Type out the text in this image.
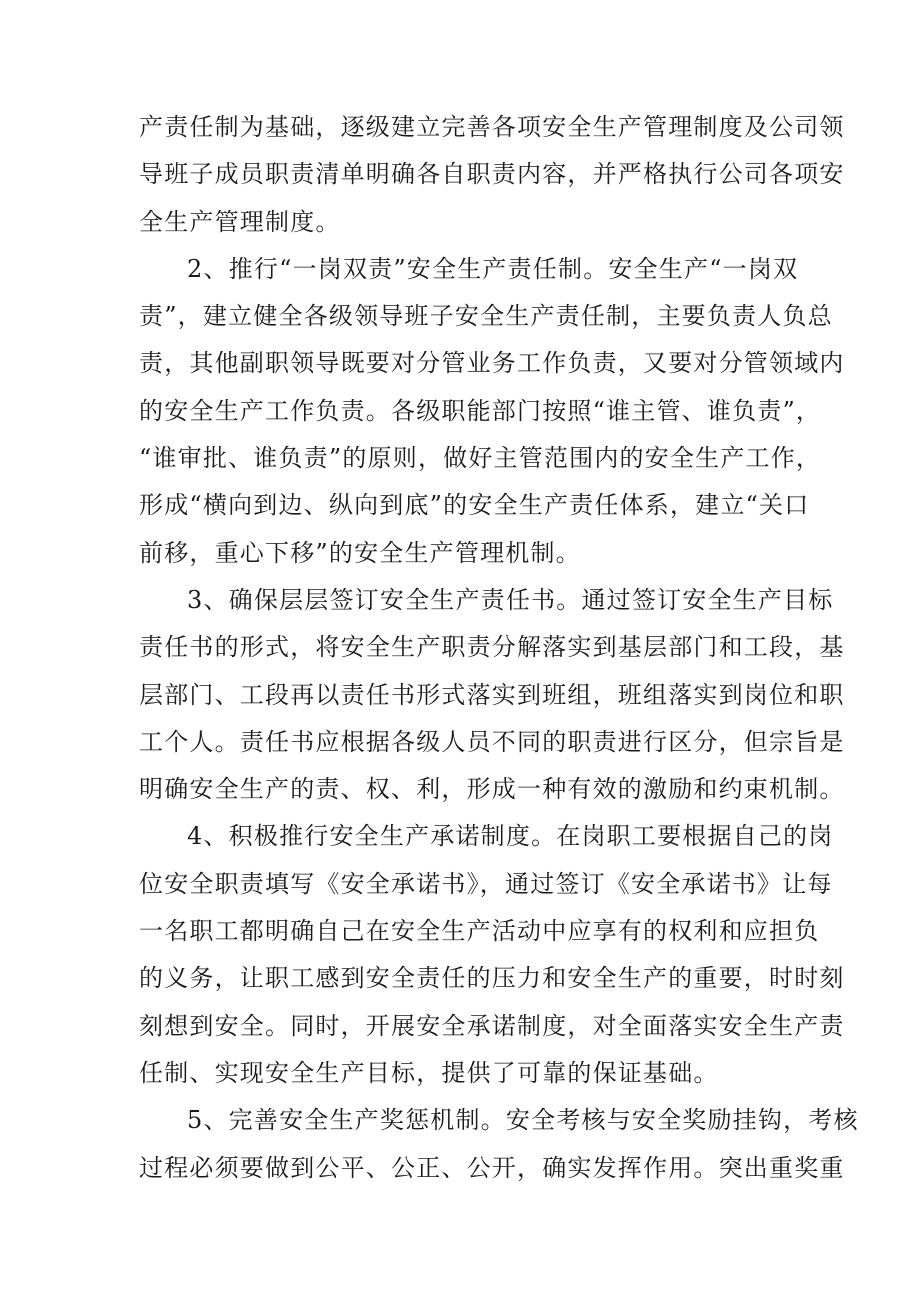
产责任制为基础，逐级建立完善各项安全生产管理制度及公司领
导班子成员职责清单明确各自职责内容，并严格执行公司各项安
全生产管理制度。
2、推行“一岗双责”安全生产责任制。安全生产“一岗双
责”，建立健全各级领导班子安全生产责任制，主要负责人负总
责，其他副职领导既要对分管业务工作负责，又要对分管领域内
的安全生产工作负责。各级职能部门按照“谁主管、谁负责”，
“谁审批、谁负责”的原则，做好主管范围内的安全生产工作，
形成“横向到边、纵向到底”的安全生产责任体系，建立“关口
前移，重心下移”的安全生产管理机制。
3、确保层层签订安全生产责任书。通过签订安全生产目标
责任书的形式，将安全生产职责分解落实到基层部门和工段，基
层部门、工段再以责任书形式落实到班组，班组落实到岗位和职
工个人。责任书应根据各级人员不同的职责进行区分，但宗旨是
明确安全生产的责、权、利，形成一种有效的激励和约束机制。
4、积极推行安全生产承诺制度。在岗职工要根据自己的岗
位安全职责填写《安全承诺书》，通过签订《安全承诺书》让每
一名职工都明确自己在安全生产活动中应享有的权利和应担负
的义务，让职工感到安全责任的压力和安全生产的重要，时时刻
刻想到安全。同时，开展安全承诺制度，对全面落实安全生产责
任制、实现安全生产目标，提供了可靠的保证基础。
5、完善安全生产奖惩机制。安全考核与安全奖励挂钩，考核
过程必须要做到公平、公正、公开，确实发挥作用。突出重奖重
